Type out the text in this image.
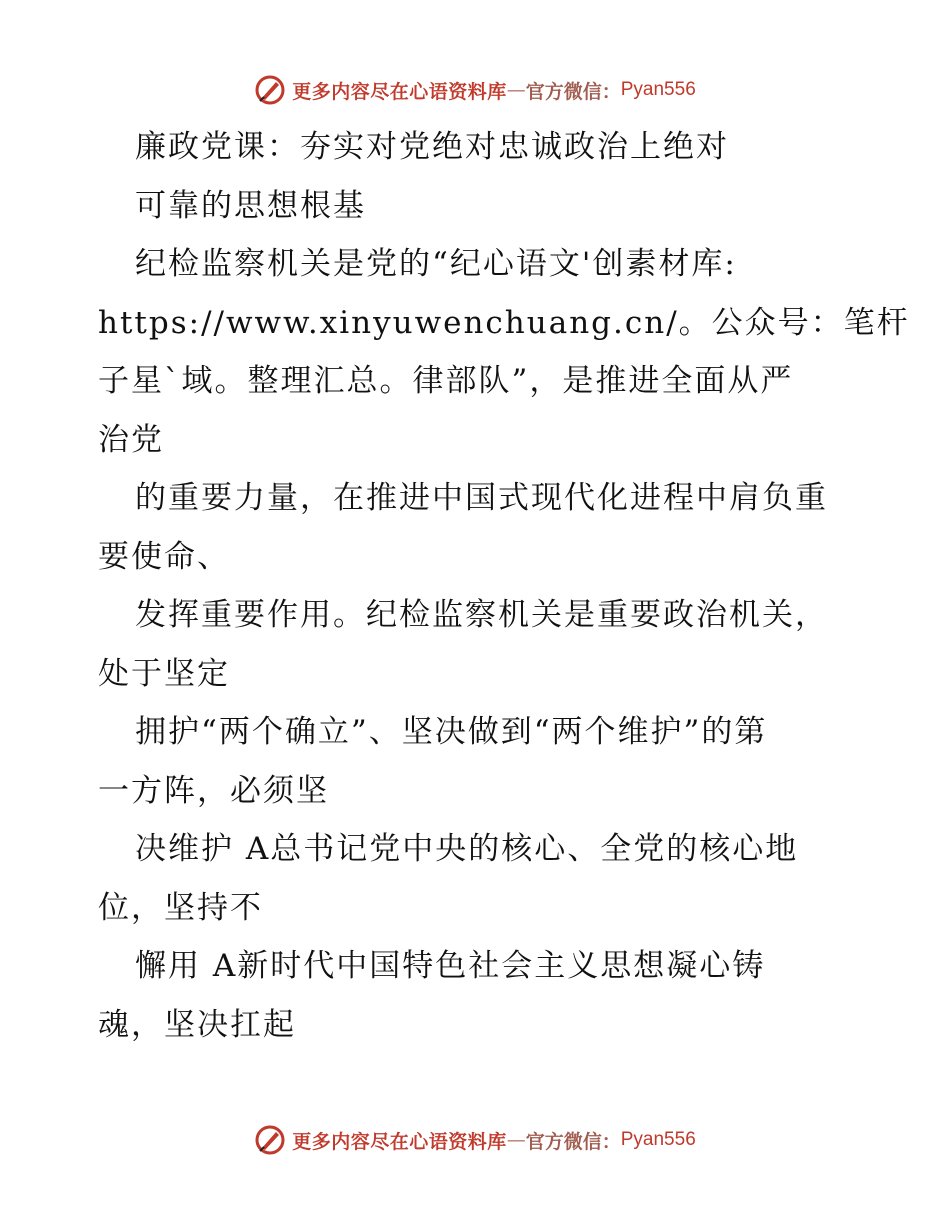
更多内容尽在心语资料库 — 官方微信： Pyan556
廉政党课：夯实对党绝对忠诚政治上绝对
可靠的思想根基
纪检监察机关是党的“纪心语文'创素材库:
https://www.xinyuwenchuang.cn/。公众号：笔杆
子星`域。整理汇总。律部队”，是推进全面从严
治党
的重要力量，在推进中国式现代化进程中肩负重
要使命、
发挥重要作用。纪检监察机关是重要政治机关，
处于坚定
拥护“两个确立”、坚决做到“两个维护”的第
一方阵，必须坚
决维护 A总书记党中央的核心、全党的核心地
位，坚持不
懈用 A新时代中国特色社会主义思想凝心铸
魂，坚决扛起
更多内容尽在心语资料库 — 官方微信： Pyan556
